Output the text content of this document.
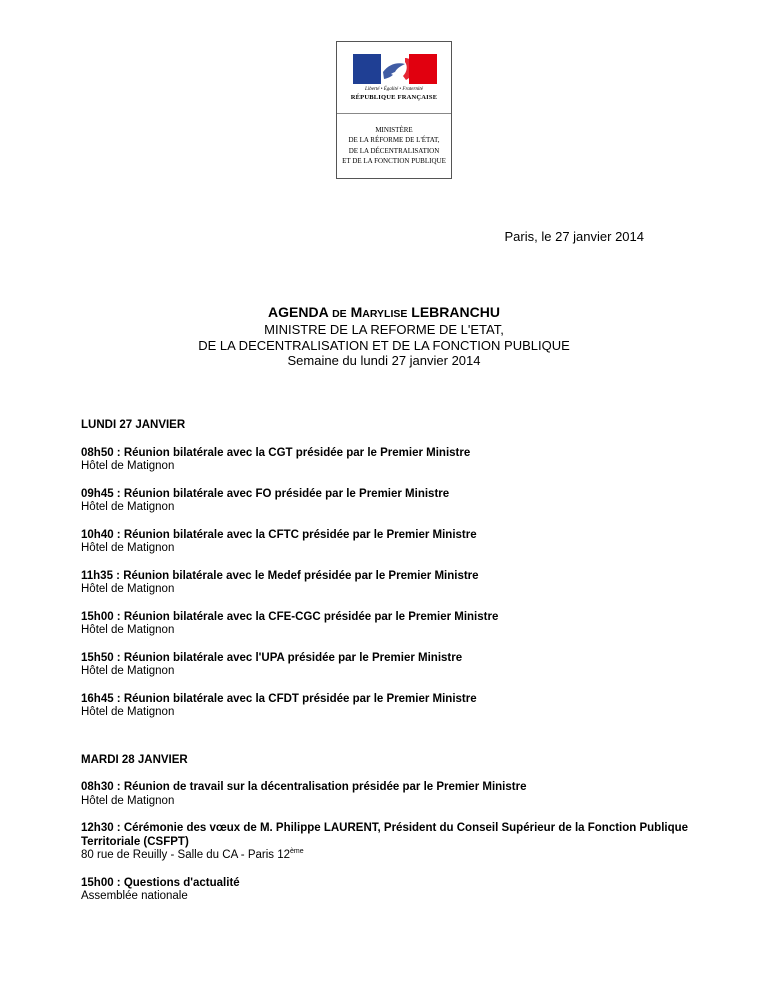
Liberté • Égalité • Fraternité
RÉPUBLIQUE FRANÇAISE
MINISTÈRE
DE LA RÉFORME DE L'ÉTAT,
DE LA DÉCENTRALISATION
ET DE LA FONCTION PUBLIQUE
Paris, le 27 janvier 2014
AGENDA DE MARYLISE LEBRANCHU
MINISTRE DE LA REFORME DE L'ETAT,
DE LA DECENTRALISATION ET DE LA FONCTION PUBLIQUE
Semaine du lundi 27 janvier 2014
LUNDI 27 JANVIER
08h50 : Réunion bilatérale avec la CGT présidée par le Premier Ministre
Hôtel de Matignon
09h45 : Réunion bilatérale avec FO présidée par le Premier Ministre
Hôtel de Matignon
10h40 : Réunion bilatérale avec la CFTC présidée par le Premier Ministre
Hôtel de Matignon
11h35 : Réunion bilatérale avec le Medef présidée par le Premier Ministre
Hôtel de Matignon
15h00 : Réunion bilatérale avec la CFE-CGC présidée par le Premier Ministre
Hôtel de Matignon
15h50 : Réunion bilatérale avec l'UPA présidée par le Premier Ministre
Hôtel de Matignon
16h45 : Réunion bilatérale avec la CFDT présidée par le Premier Ministre
Hôtel de Matignon
MARDI 28 JANVIER
08h30 : Réunion de travail sur la décentralisation présidée par le Premier Ministre
Hôtel de Matignon
12h30 : Cérémonie des vœux de M. Philippe LAURENT, Président du Conseil Supérieur de la Fonction Publique Territoriale (CSFPT)
80 rue de Reuilly - Salle du CA - Paris 12ème
15h00 : Questions d'actualité
Assemblée nationale
